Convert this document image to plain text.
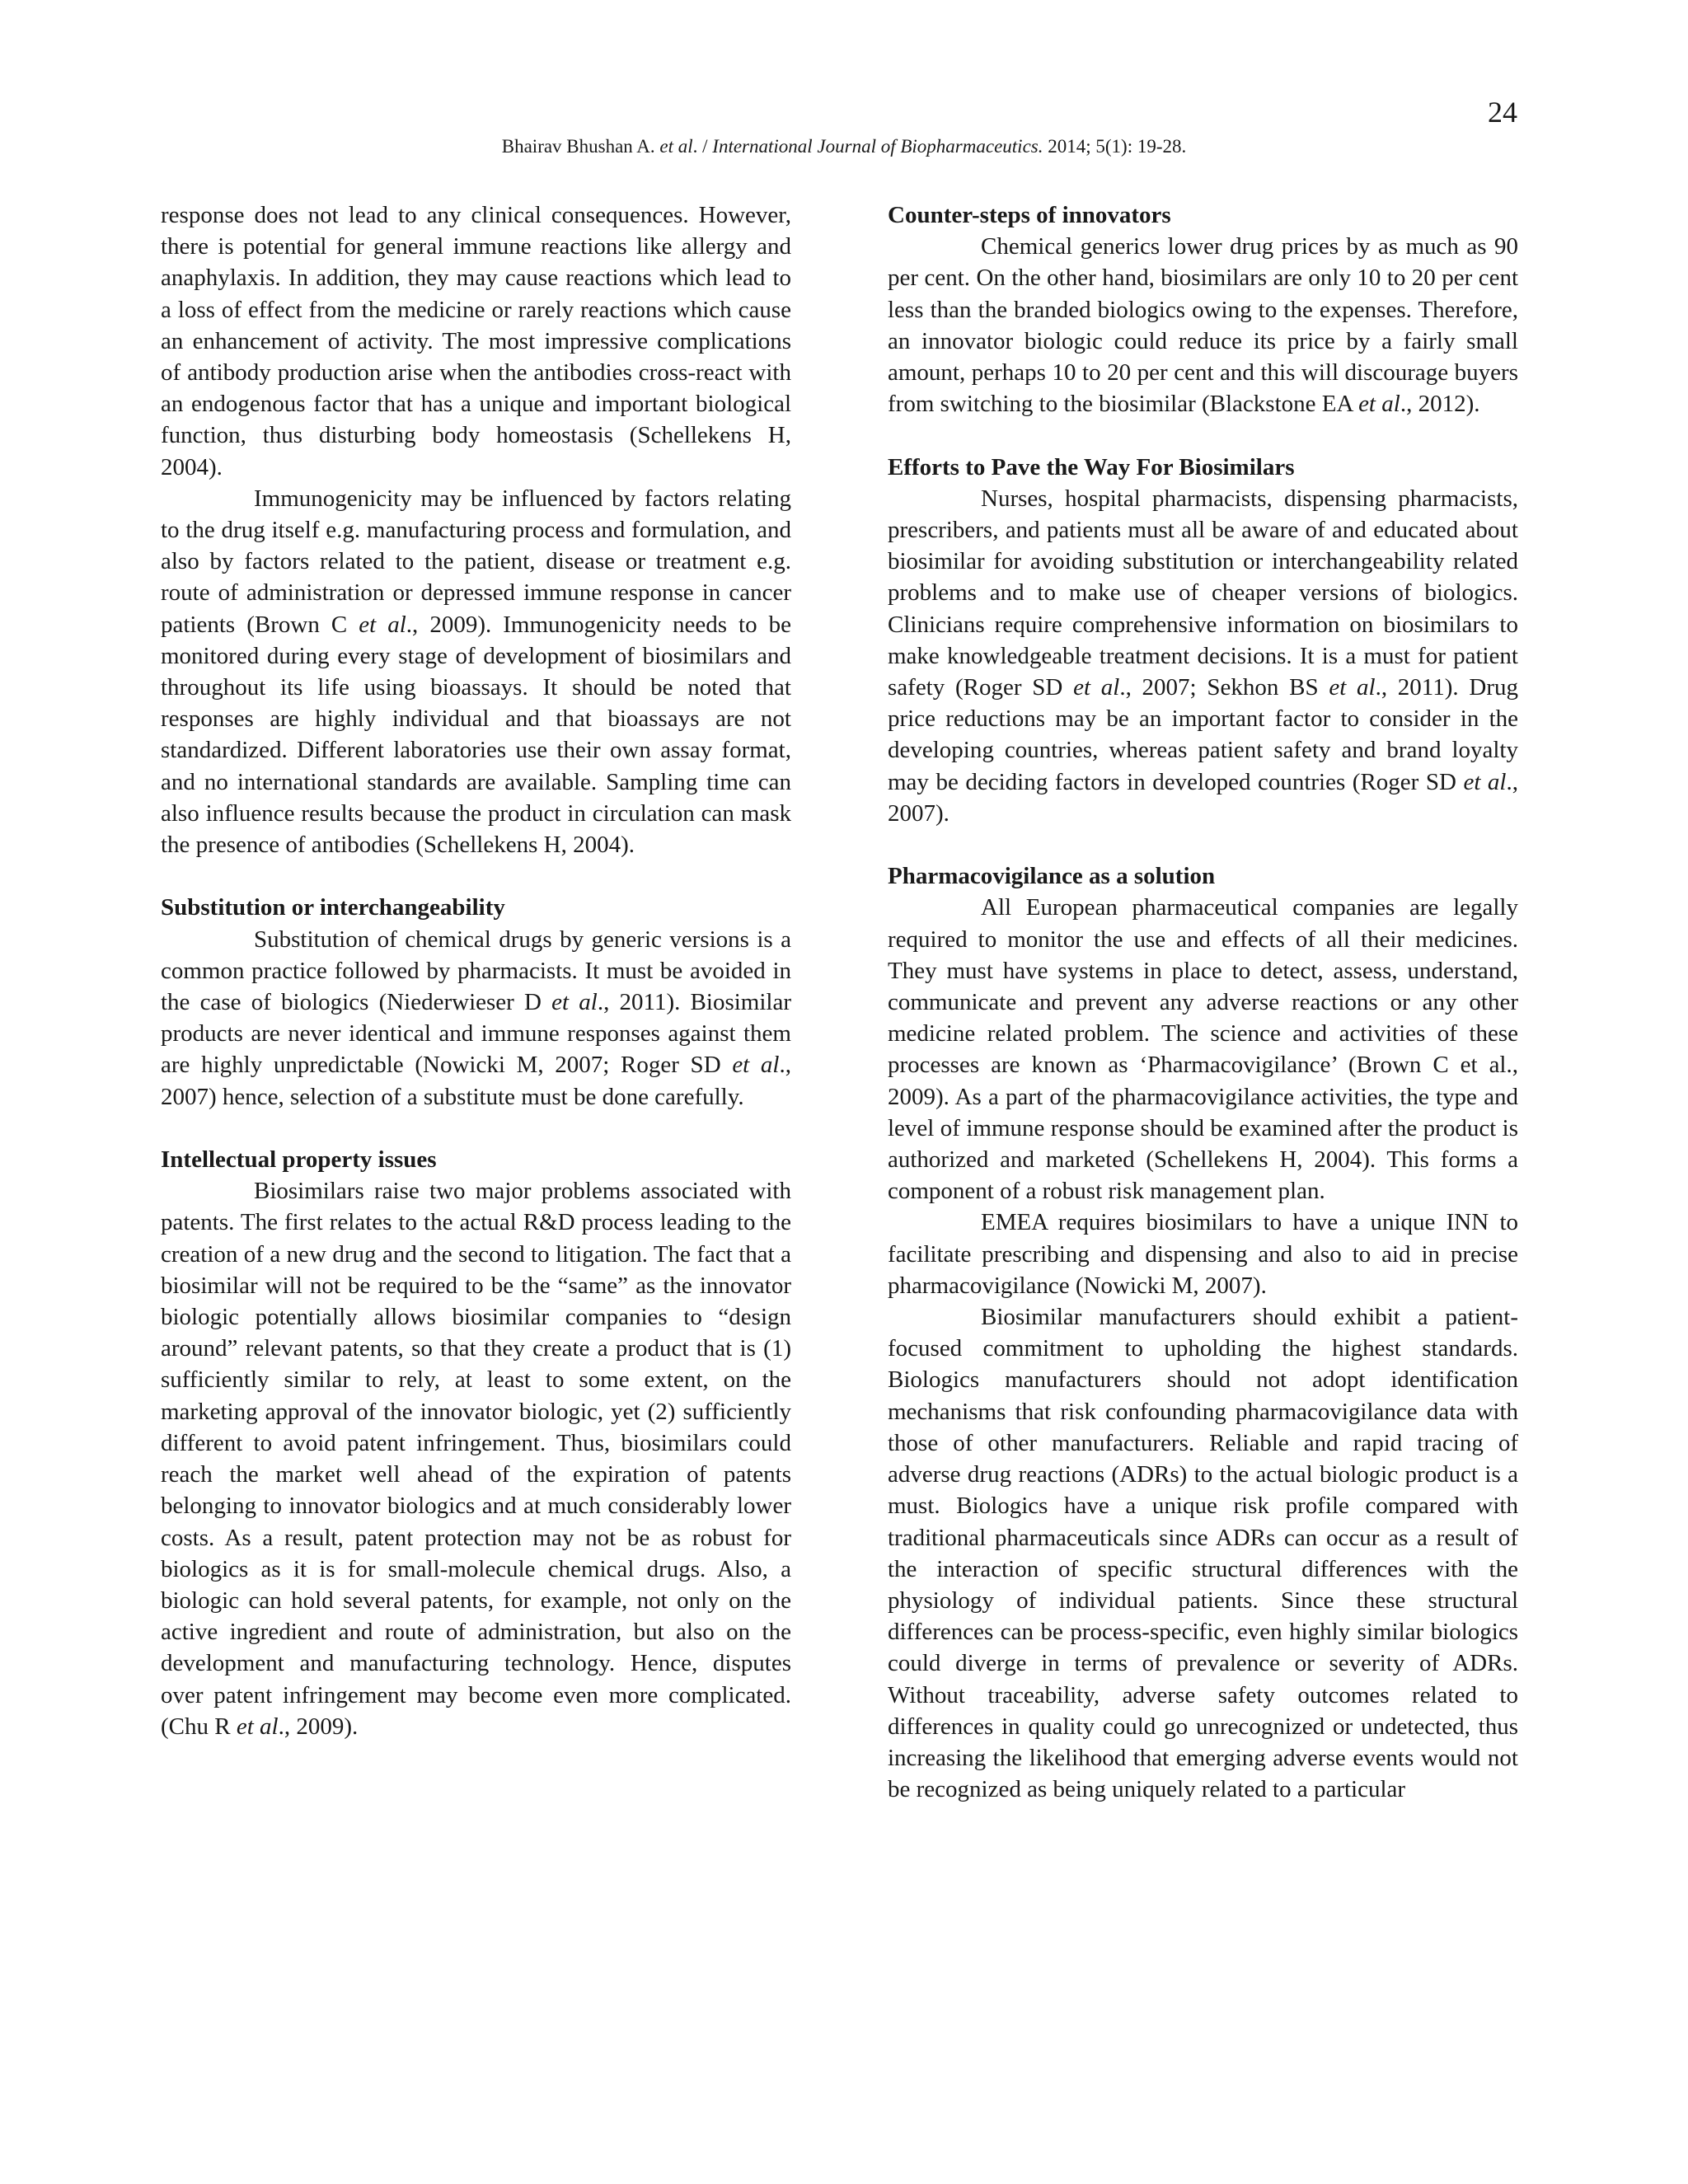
24
Bhairav Bhushan A. et al. / International Journal of Biopharmaceutics. 2014; 5(1): 19-28.

response does not lead to any clinical consequences. However, there is potential for general immune reactions like allergy and anaphylaxis. In addition, they may cause reactions which lead to a loss of effect from the medicine or rarely reactions which cause an enhancement of activity. The most impressive complications of antibody production arise when the antibodies cross-react with an endogenous factor that has a unique and important biological function, thus disturbing body homeostasis (Schellekens H, 2004).

Immunogenicity may be influenced by factors relating to the drug itself e.g. manufacturing process and formulation, and also by factors related to the patient, disease or treatment e.g. route of administration or depressed immune response in cancer patients (Brown C et al., 2009). Immunogenicity needs to be monitored during every stage of development of biosimilars and throughout its life using bioassays. It should be noted that responses are highly individual and that bioassays are not standardized. Different laboratories use their own assay format, and no international standards are available. Sampling time can also influence results because the product in circulation can mask the presence of antibodies (Schellekens H, 2004).

Substitution or interchangeability

Substitution of chemical drugs by generic versions is a common practice followed by pharmacists. It must be avoided in the case of biologics (Niederwieser D et al., 2011). Biosimilar products are never identical and immune responses against them are highly unpredictable (Nowicki M, 2007; Roger SD et al., 2007) hence, selection of a substitute must be done carefully.

Intellectual property issues

Biosimilars raise two major problems associated with patents. The first relates to the actual R&D process leading to the creation of a new drug and the second to litigation. The fact that a biosimilar will not be required to be the “same” as the innovator biologic potentially allows biosimilar companies to “design around” relevant patents, so that they create a product that is (1) sufficiently similar to rely, at least to some extent, on the marketing approval of the innovator biologic, yet (2) sufficiently different to avoid patent infringement. Thus, biosimilars could reach the market well ahead of the expiration of patents belonging to innovator biologics and at much considerably lower costs. As a result, patent protection may not be as robust for biologics as it is for small-molecule chemical drugs. Also, a biologic can hold several patents, for example, not only on the active ingredient and route of administration, but also on the development and manufacturing technology. Hence, disputes over patent infringement may become even more complicated. (Chu R et al., 2009).

Counter-steps of innovators

Chemical generics lower drug prices by as much as 90 per cent. On the other hand, biosimilars are only 10 to 20 per cent less than the branded biologics owing to the expenses. Therefore, an innovator biologic could reduce its price by a fairly small amount, perhaps 10 to 20 per cent and this will discourage buyers from switching to the biosimilar (Blackstone EA et al., 2012).

Efforts to Pave the Way For Biosimilars

Nurses, hospital pharmacists, dispensing pharmacists, prescribers, and patients must all be aware of and educated about biosimilar for avoiding substitution or interchangeability related problems and to make use of cheaper versions of biologics. Clinicians require comprehensive information on biosimilars to make knowledgeable treatment decisions. It is a must for patient safety (Roger SD et al., 2007; Sekhon BS et al., 2011). Drug price reductions may be an important factor to consider in the developing countries, whereas patient safety and brand loyalty may be deciding factors in developed countries (Roger SD et al., 2007).

Pharmacovigilance as a solution

All European pharmaceutical companies are legally required to monitor the use and effects of all their medicines. They must have systems in place to detect, assess, understand, communicate and prevent any adverse reactions or any other medicine related problem. The science and activities of these processes are known as ‘Pharmacovigilance’ (Brown C et al., 2009). As a part of the pharmacovigilance activities, the type and level of immune response should be examined after the product is authorized and marketed (Schellekens H, 2004). This forms a component of a robust risk management plan.

EMEA requires biosimilars to have a unique INN to facilitate prescribing and dispensing and also to aid in precise pharmacovigilance (Nowicki M, 2007).

Biosimilar manufacturers should exhibit a patient-focused commitment to upholding the highest standards. Biologics manufacturers should not adopt identification mechanisms that risk confounding pharmacovigilance data with those of other manufacturers. Reliable and rapid tracing of adverse drug reactions (ADRs) to the actual biologic product is a must. Biologics have a unique risk profile compared with traditional pharmaceuticals since ADRs can occur as a result of the interaction of specific structural differences with the physiology of individual patients. Since these structural differences can be process-specific, even highly similar biologics could diverge in terms of prevalence or severity of ADRs. Without traceability, adverse safety outcomes related to differences in quality could go unrecognized or undetected, thus increasing the likelihood that emerging adverse events would not be recognized as being uniquely related to a particular
